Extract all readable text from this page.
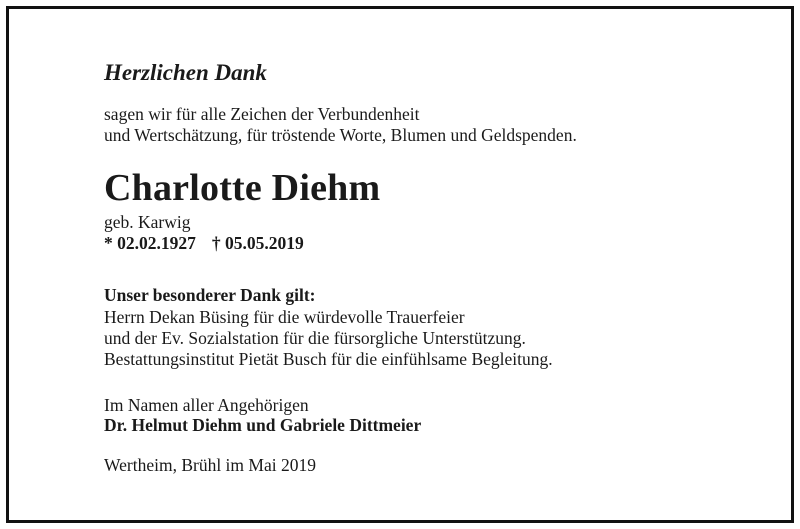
Herzlichen Dank
sagen wir für alle Zeichen der Verbundenheit
und Wertschätzung, für tröstende Worte, Blumen und Geldspenden.
Charlotte Diehm
geb. Karwig
* 02.02.1927 † 05.05.2019
Unser besonderer Dank gilt:
Herrn Dekan Büsing für die würdevolle Trauerfeier
und der Ev. Sozialstation für die fürsorgliche Unterstützung.
Bestattungsinstitut Pietät Busch für die einfühlsame Begleitung.
Im Namen aller Angehörigen
Dr. Helmut Diehm und Gabriele Dittmeier
Wertheim, Brühl im Mai 2019
